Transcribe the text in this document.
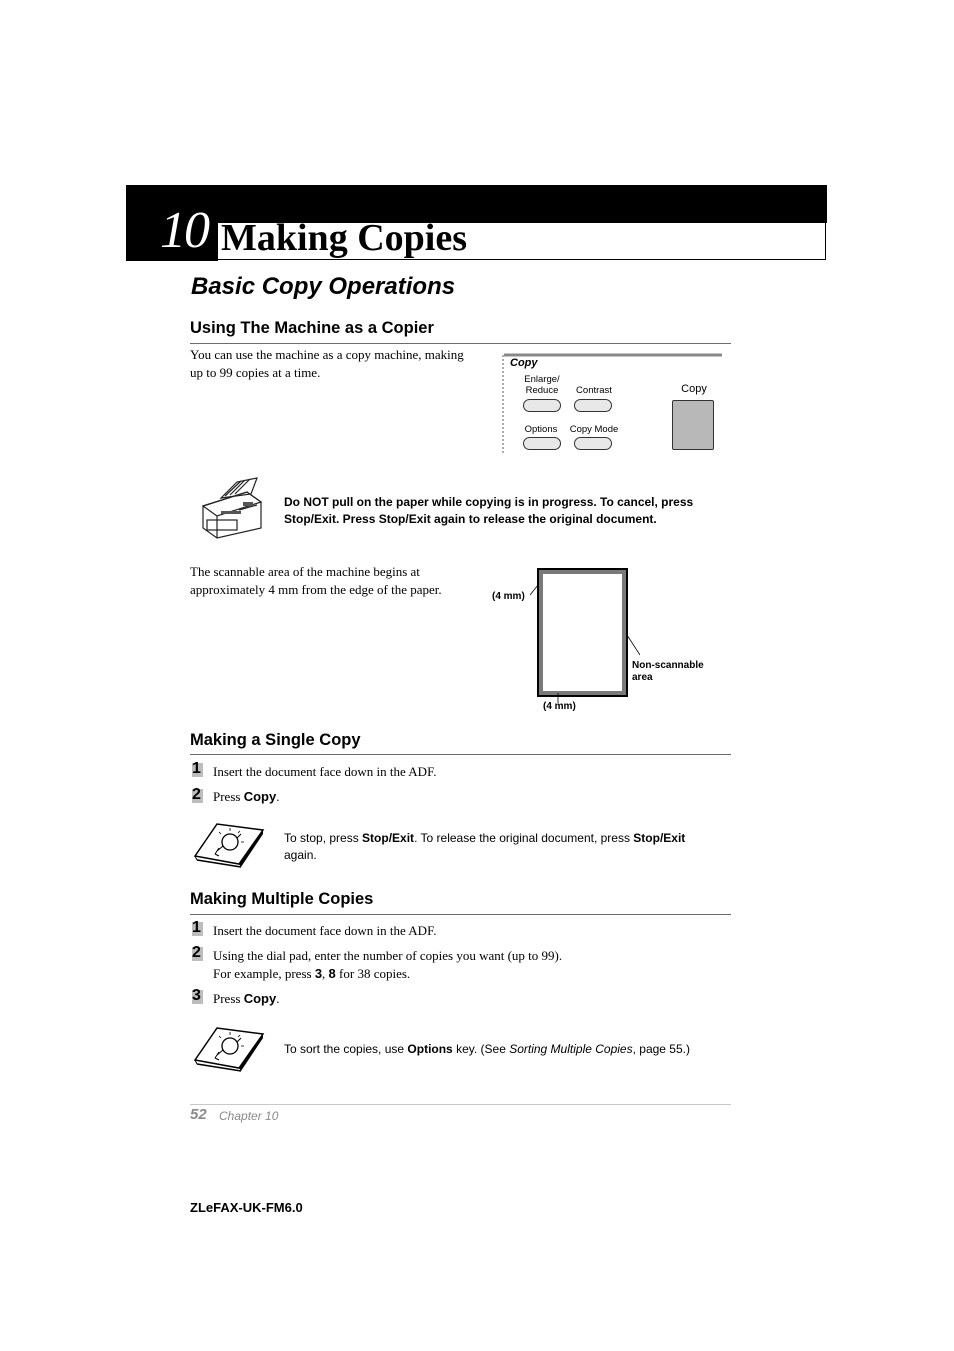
10 Making Copies
Basic Copy Operations
Using The Machine as a Copier
You can use the machine as a copy machine, making
up to 99 copies at a time.
Copy
Enlarge/
Reduce	Contrast
Options	Copy Mode
Copy
Do NOT pull on the paper while copying is in progress. To cancel, press
Stop/Exit. Press Stop/Exit again to release the original document.
The scannable area of the machine begins at
approximately 4 mm from the edge of the paper.	(4 mm)
(4 mm)
Non-scannable
area
Making a Single Copy
1 Insert the document face down in the ADF.
2 Press Copy.
To stop, press Stop/Exit. To release the original document, press Stop/Exit
again.
Making Multiple Copies
1 Insert the document face down in the ADF.
2 Using the dial pad, enter the number of copies you want (up to 99).
For example, press 3, 8 for 38 copies.
3 Press Copy.
To sort the copies, use Options key. (See Sorting Multiple Copies, page 55.)
52 Chapter 10
ZLeFAX-UK-FM6.0
